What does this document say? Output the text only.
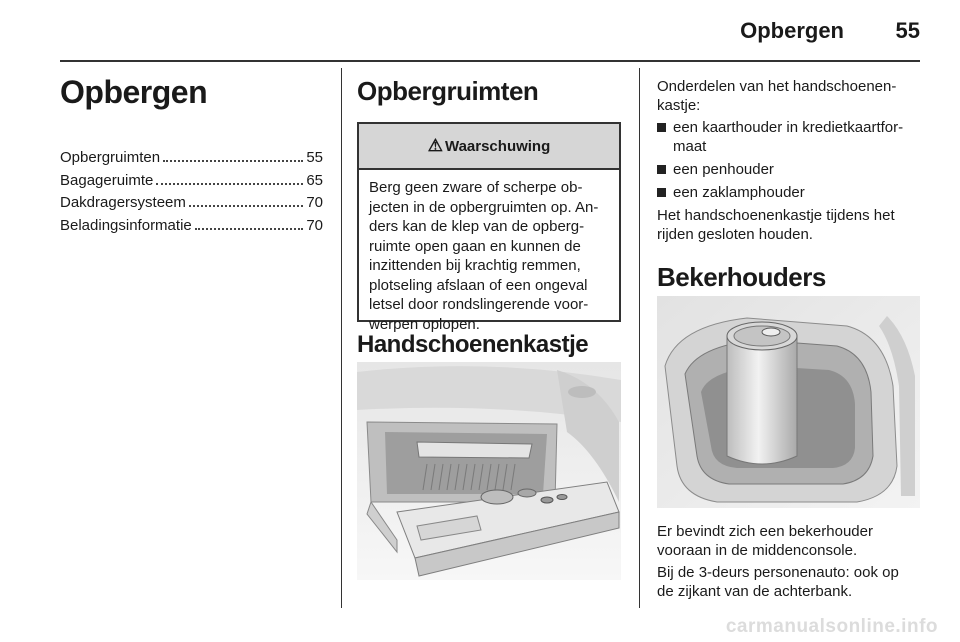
Opbergen 55
Opbergen
Opbergruimten	55
Bagageruimte	65
Dakdragersysteem	70
Beladingsinformatie	70
Opbergruimten
⚠ Waarschuwing
Berg geen zware of scherpe ob-
jecten in de opbergruimten op. An-
ders kan de klep van de opberg-
ruimte open gaan en kunnen de
inzittenden bij krachtig remmen,
plotseling afslaan of een ongeval
letsel door rondslingerende voor-
werpen oplopen.
Handschoenenkastje
Onderdelen van het handschoenen-
kastje:
een kaarthouder in kredietkaartfor-
maat
een penhouder
een zaklamphouder
Het handschoenenkastje tijdens het
rijden gesloten houden.
Bekerhouders
Er bevindt zich een bekerhouder
vooraan in de middenconsole.
Bij de 3-deurs personenauto: ook op
de zijkant van de achterbank.
carmanualsonline.info
